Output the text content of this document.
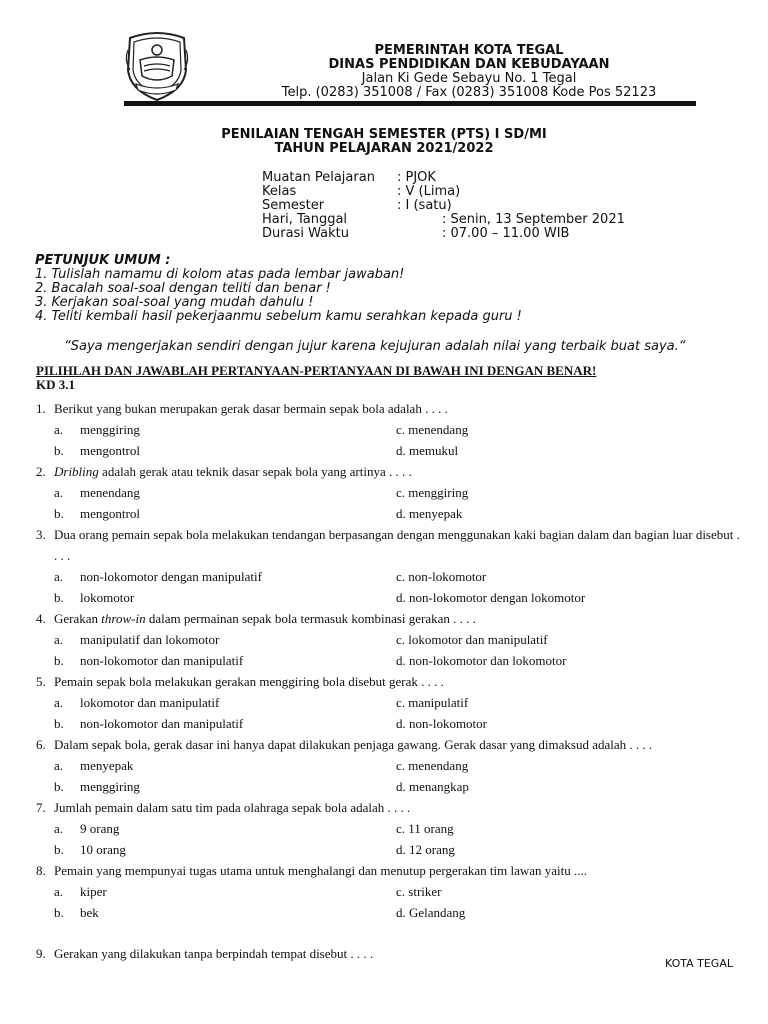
PEMERINTAH KOTA TEGAL
DINAS PENDIDIKAN DAN KEBUDAYAAN
Jalan Ki Gede Sebayu No. 1 Tegal
Telp. (0283) 351008 / Fax (0283) 351008 Kode Pos 52123
PENILAIAN TENGAH SEMESTER (PTS) I SD/MI
TAHUN PELAJARAN 2021/2022
Muatan Pelajaran : PJOK
Kelas	: V (Lima)
Semester	: I (satu)
Hari, Tanggal	: Senin, 13 September 2021
Durasi Waktu	: 07.00 – 11.00 WIB
PETUNJUK UMUM :
1. Tulislah namamu di kolom atas pada lembar jawaban!
2. Bacalah soal-soal dengan teliti dan benar !
3. Kerjakan soal-soal yang mudah dahulu !
4. Teliti kembali hasil pekerjaanmu sebelum kamu serahkan kepada guru !
“Saya mengerjakan sendiri dengan jujur karena kejujuran adalah nilai yang terbaik buat saya.“
PILIHLAH DAN JAWABLAH PERTANYAAN-PERTANYAAN DI BAWAH INI DENGAN BENAR!
KD 3.1
1. Berikut yang bukan merupakan gerak dasar bermain sepak bola adalah . . . .
a. menggiring	c. menendang
b. mengontrol	d. memukul
2. Dribling adalah gerak atau teknik dasar sepak bola yang artinya . . . .
a. menendang	c. menggiring
b. mengontrol	d. menyepak
3. Dua orang pemain sepak bola melakukan tendangan berpasangan dengan menggunakan kaki bagian dalam dan bagian luar disebut . . . .
a. non-lokomotor dengan manipulatif	c. non-lokomotor
b. lokomotor	d. non-lokomotor dengan lokomotor
4. Gerakan throw-in dalam permainan sepak bola termasuk kombinasi gerakan . . . .
a. manipulatif dan lokomotor	c. lokomotor dan manipulatif
b. non-lokomotor dan manipulatif	d. non-lokomotor dan lokomotor
5. Pemain sepak bola melakukan gerakan menggiring bola disebut gerak . . . .
a. lokomotor dan manipulatif	c. manipulatif
b. non-lokomotor dan manipulatif	d. non-lokomotor
6. Dalam sepak bola, gerak dasar ini hanya dapat dilakukan penjaga gawang. Gerak dasar yang dimaksud adalah . . . .
a. menyepak	c. menendang
b. menggiring	d. menangkap
7. Jumlah pemain dalam satu tim pada olahraga sepak bola adalah . . . .
a. 9 orang	c. 11 orang
b. 10 orang	d. 12 orang
8. Pemain yang mempunyai tugas utama untuk menghalangi dan menutup pergerakan tim lawan yaitu ....
a. kiper	c. striker
b. bek	d. Gelandang
9. Gerakan yang dilakukan tanpa berpindah tempat disebut . . . .
KOTA TEGAL
